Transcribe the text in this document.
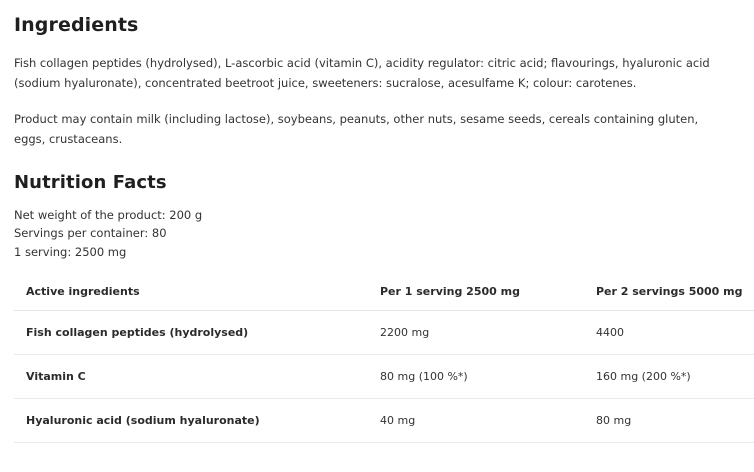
Ingredients

Fish collagen peptides (hydrolysed), L-ascorbic acid (vitamin C), acidity regulator: citric acid; flavourings, hyaluronic acid (sodium hyaluronate), concentrated beetroot juice, sweeteners: sucralose, acesulfame K; colour: carotenes.

Product may contain milk (including lactose), soybeans, peanuts, other nuts, sesame seeds, cereals containing gluten, eggs, crustaceans.

Nutrition Facts
Net weight of the product: 200 g
Servings per container: 80
1 serving: 2500 mg
Active ingredients	Per 1 serving 2500 mg	Per 2 servings 5000 mg
Fish collagen peptides (hydrolysed)	2200 mg	4400
Vitamin C	80 mg (100 %*)	160 mg (200 %*)
Hyaluronic acid (sodium hyaluronate)	40 mg	80 mg
